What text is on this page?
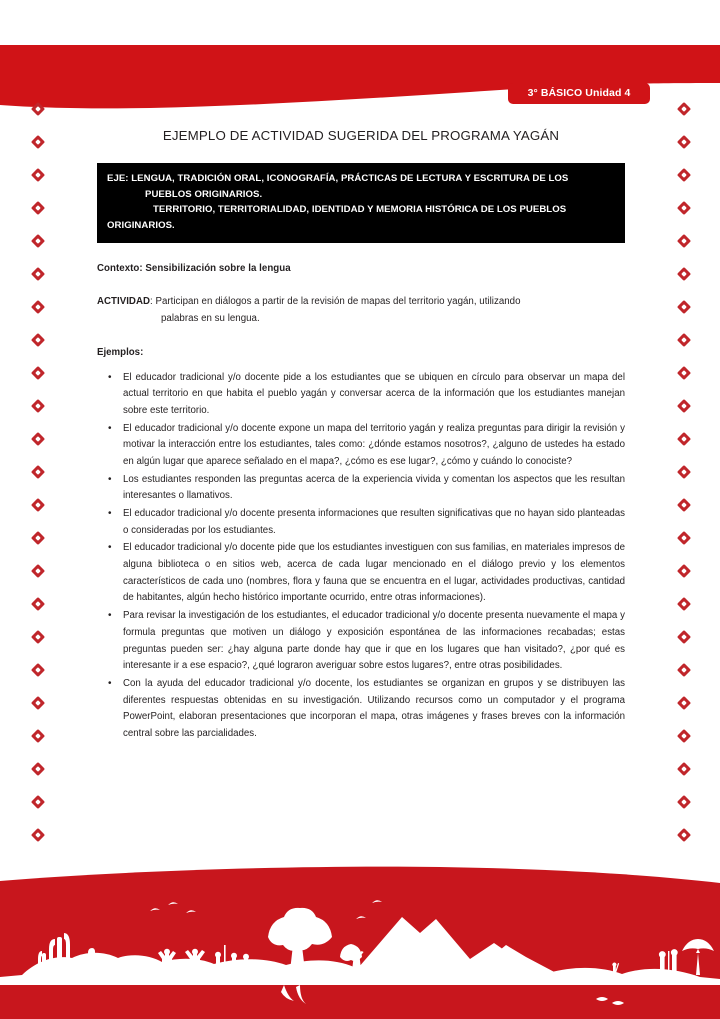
3° BÁSICO Unidad 4
EJEMPLO DE ACTIVIDAD SUGERIDA DEL PROGRAMA YAGÁN
EJE: LENGUA, TRADICIÓN ORAL, ICONOGRAFÍA, PRÁCTICAS DE LECTURA Y ESCRITURA DE LOS
PUEBLOS ORIGINARIOS.
TERRITORIO, TERRITORIALIDAD, IDENTIDAD Y MEMORIA HISTÓRICA DE LOS PUEBLOS
ORIGINARIOS.
Contexto: Sensibilización sobre la lengua
ACTIVIDAD: Participan en diálogos a partir de la revisión de mapas del territorio yagán, utilizando
palabras en su lengua.
Ejemplos:
• El educador tradicional y/o docente pide a los estudiantes que se ubiquen en círculo para observar un mapa del actual territorio en que habita el pueblo yagán y conversar acerca de la información que los estudiantes manejan sobre este territorio.
• El educador tradicional y/o docente expone un mapa del territorio yagán y realiza preguntas para dirigir la revisión y motivar la interacción entre los estudiantes, tales como: ¿dónde estamos nosotros?, ¿alguno de ustedes ha estado en algún lugar que aparece señalado en el mapa?, ¿cómo es ese lugar?, ¿cómo y cuándo lo conociste?
• Los estudiantes responden las preguntas acerca de la experiencia vivida y comentan los aspectos que les resultan interesantes o llamativos.
• El educador tradicional y/o docente presenta informaciones que resulten significativas que no hayan sido planteadas o consideradas por los estudiantes.
• El educador tradicional y/o docente pide que los estudiantes investiguen con sus familias, en materiales impresos de alguna biblioteca o en sitios web, acerca de cada lugar mencionado en el diálogo previo y los elementos característicos de cada uno (nombres, flora y fauna que se encuentra en el lugar, actividades productivas, cantidad de habitantes, algún hecho histórico importante ocurrido, entre otras informaciones).
• Para revisar la investigación de los estudiantes, el educador tradicional y/o docente presenta nuevamente el mapa y formula preguntas que motiven un diálogo y exposición espontánea de las informaciones recabadas; estas preguntas pueden ser: ¿hay alguna parte donde hay que ir que en los lugares que han visitado?, ¿por qué es interesante ir a ese espacio?, ¿qué lograron averiguar sobre estos lugares?, entre otras posibilidades.
• Con la ayuda del educador tradicional y/o docente, los estudiantes se organizan en grupos y se distribuyen las diferentes respuestas obtenidas en su investigación. Utilizando recursos como un computador y el programa PowerPoint, elaboran presentaciones que incorporan el mapa, otras imágenes y frases breves con la información central sobre las parcialidades.
